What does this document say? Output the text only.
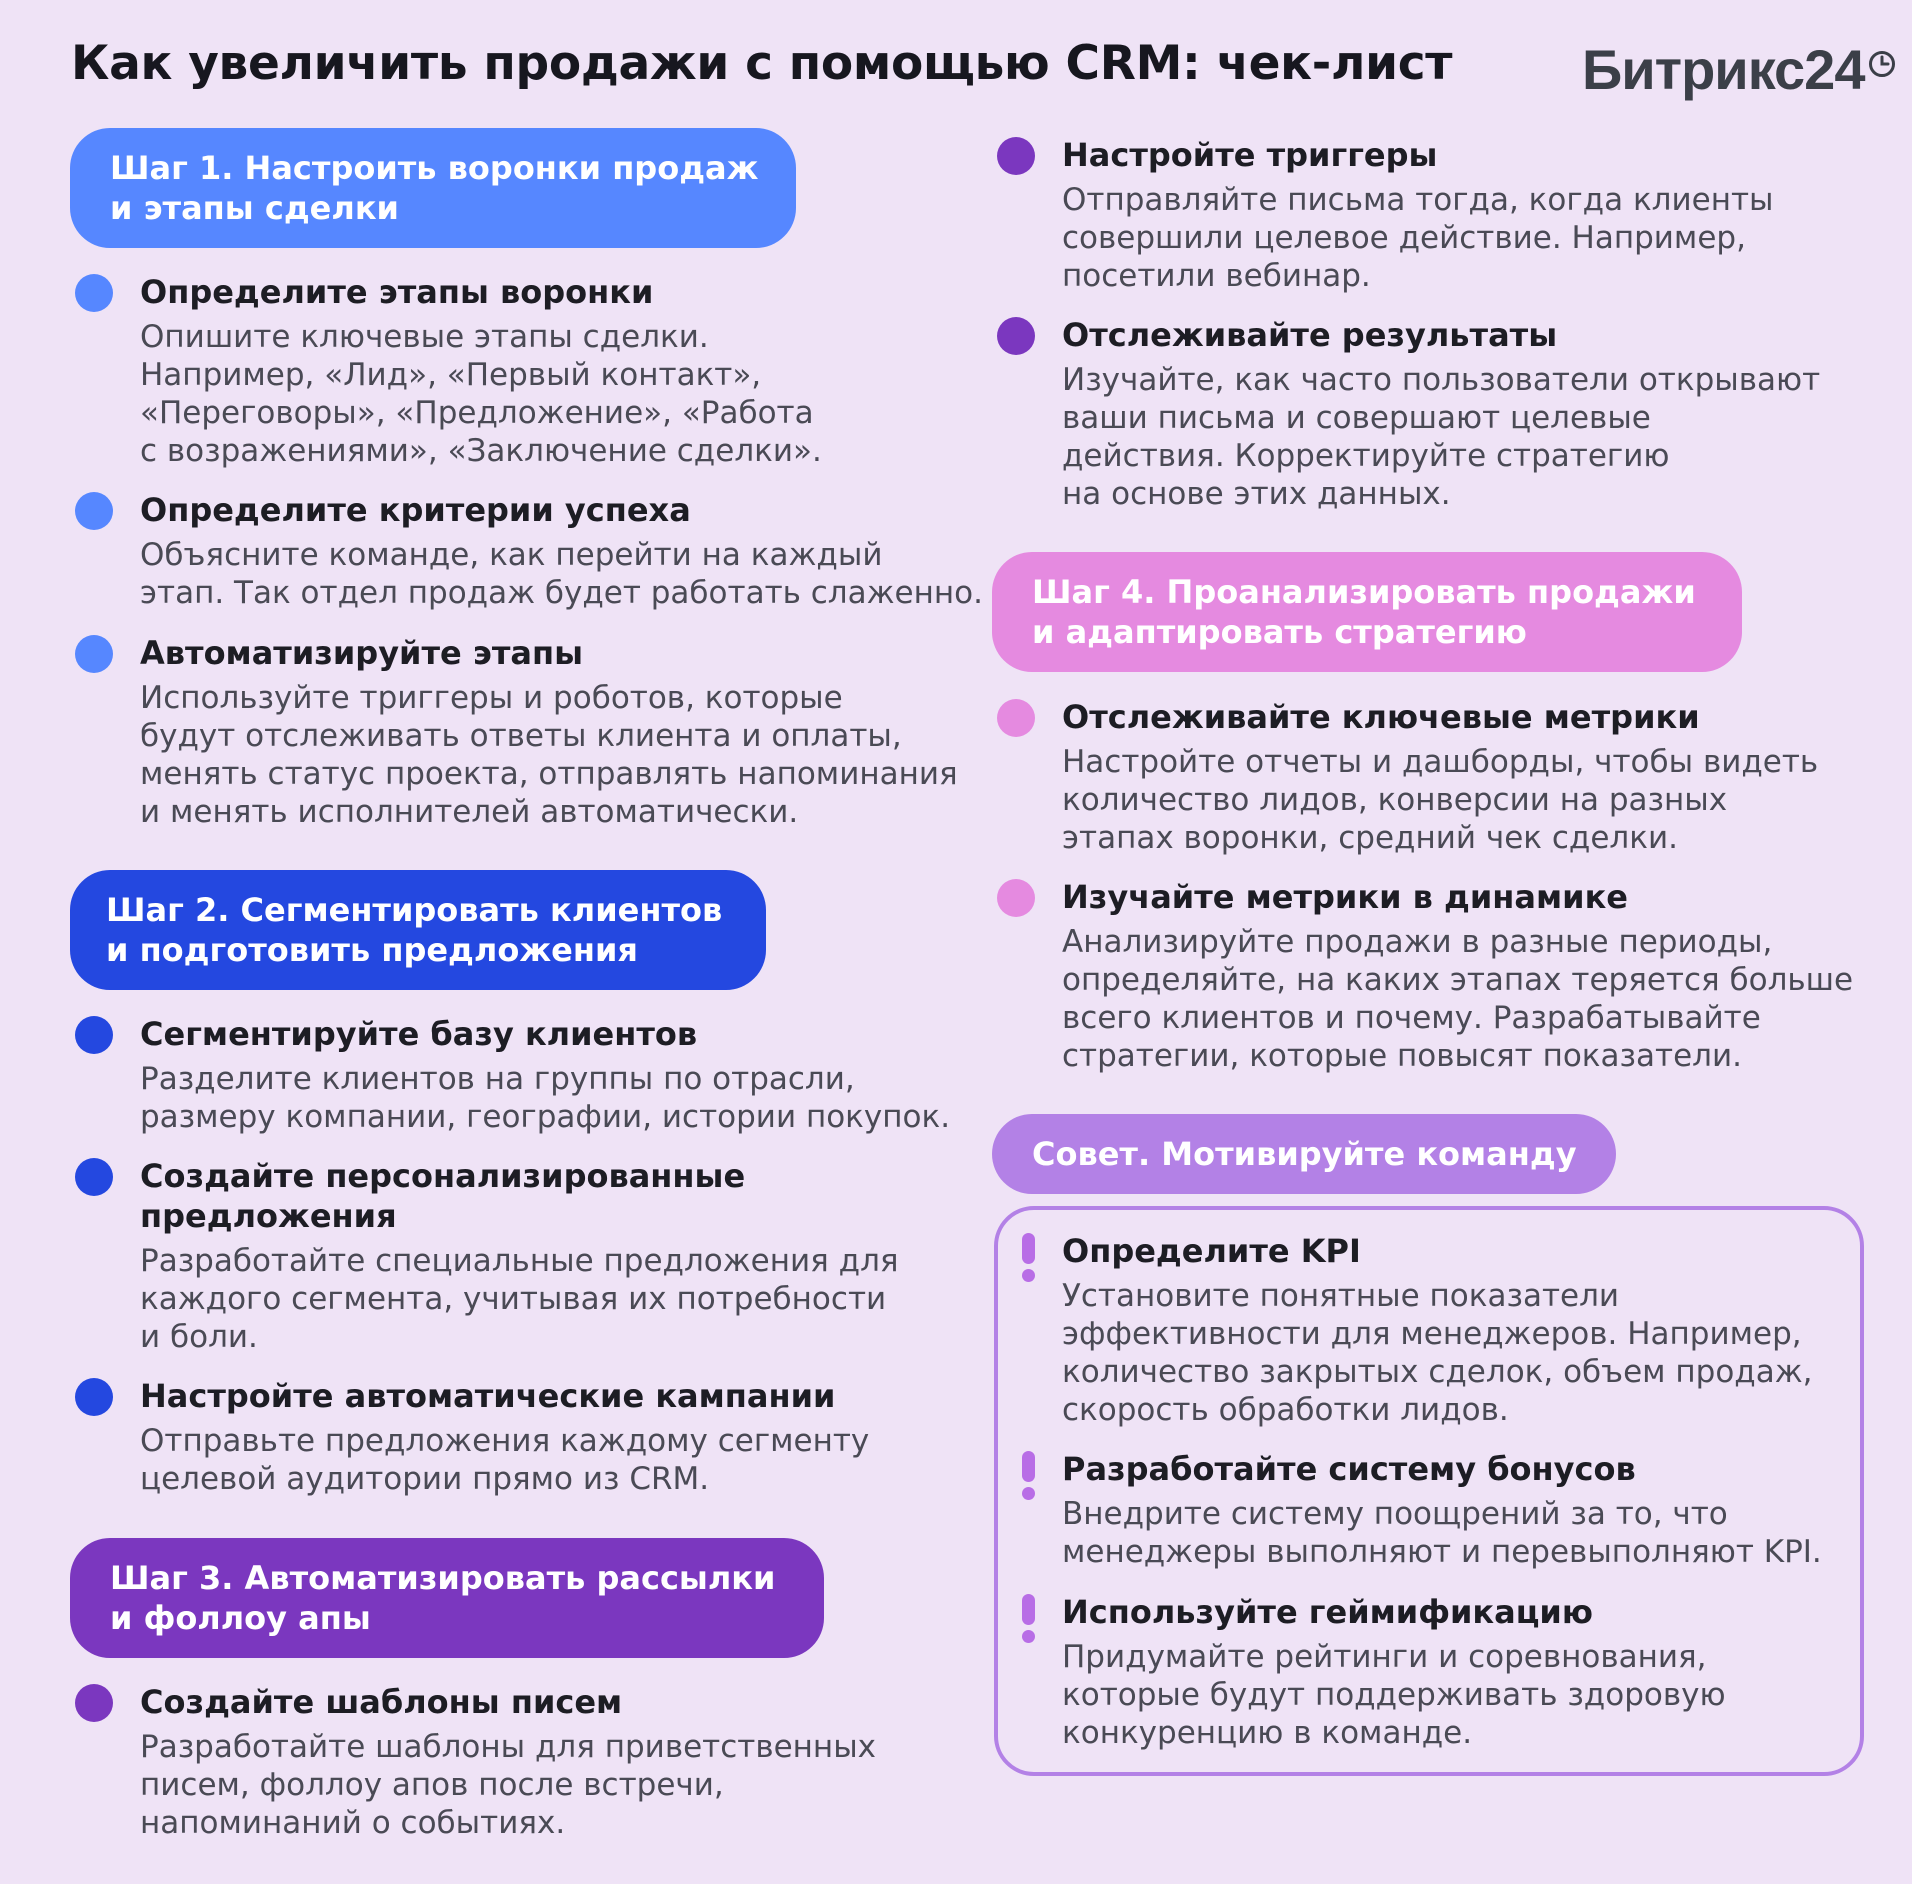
Как увеличить продажи с помощью CRM: чек-лист Битрикс24
Шаг 1. Настроить воронки продаж
и этапы сделки
Определите этапы воронки
Опишите ключевые этапы сделки.
Например, «Лид», «Первый контакт»,
«Переговоры», «Предложение», «Работа
с возражениями», «Заключение сделки».
Определите критерии успеха
Объясните команде, как перейти на каждый
этап. Так отдел продаж будет работать слаженно.
Автоматизируйте этапы
Используйте триггеры и роботов, которые
будут отслеживать ответы клиента и оплаты,
менять статус проекта, отправлять напоминания
и менять исполнителей автоматически.
Шаг 2. Сегментировать клиентов
и подготовить предложения
Сегментируйте базу клиентов
Разделите клиентов на группы по отрасли,
размеру компании, географии, истории покупок.
Создайте персонализированные
предложения
Разработайте специальные предложения для
каждого сегмента, учитывая их потребности
и боли.
Настройте автоматические кампании
Отправьте предложения каждому сегменту
целевой аудитории прямо из CRM.
Шаг 3. Автоматизировать рассылки
и фоллоу апы
Создайте шаблоны писем
Разработайте шаблоны для приветственных
писем, фоллоу апов после встречи,
напоминаний о событиях.
Настройте триггеры
Отправляйте письма тогда, когда клиенты
совершили целевое действие. Например,
посетили вебинар.
Отслеживайте результаты
Изучайте, как часто пользователи открывают
ваши письма и совершают целевые
действия. Корректируйте стратегию
на основе этих данных.
Шаг 4. Проанализировать продажи
и адаптировать стратегию
Отслеживайте ключевые метрики
Настройте отчеты и дашборды, чтобы видеть
количество лидов, конверсии на разных
этапах воронки, средний чек сделки.
Изучайте метрики в динамике
Анализируйте продажи в разные периоды,
определяйте, на каких этапах теряется больше
всего клиентов и почему. Разрабатывайте
стратегии, которые повысят показатели.
Совет. Мотивируйте команду
Определите KPI
Установите понятные показатели
эффективности для менеджеров. Например,
количество закрытых сделок, объем продаж,
скорость обработки лидов.
Разработайте систему бонусов
Внедрите систему поощрений за то, что
менеджеры выполняют и перевыполняют KPI.
Используйте геймификацию
Придумайте рейтинги и соревнования,
которые будут поддерживать здоровую
конкуренцию в команде.
